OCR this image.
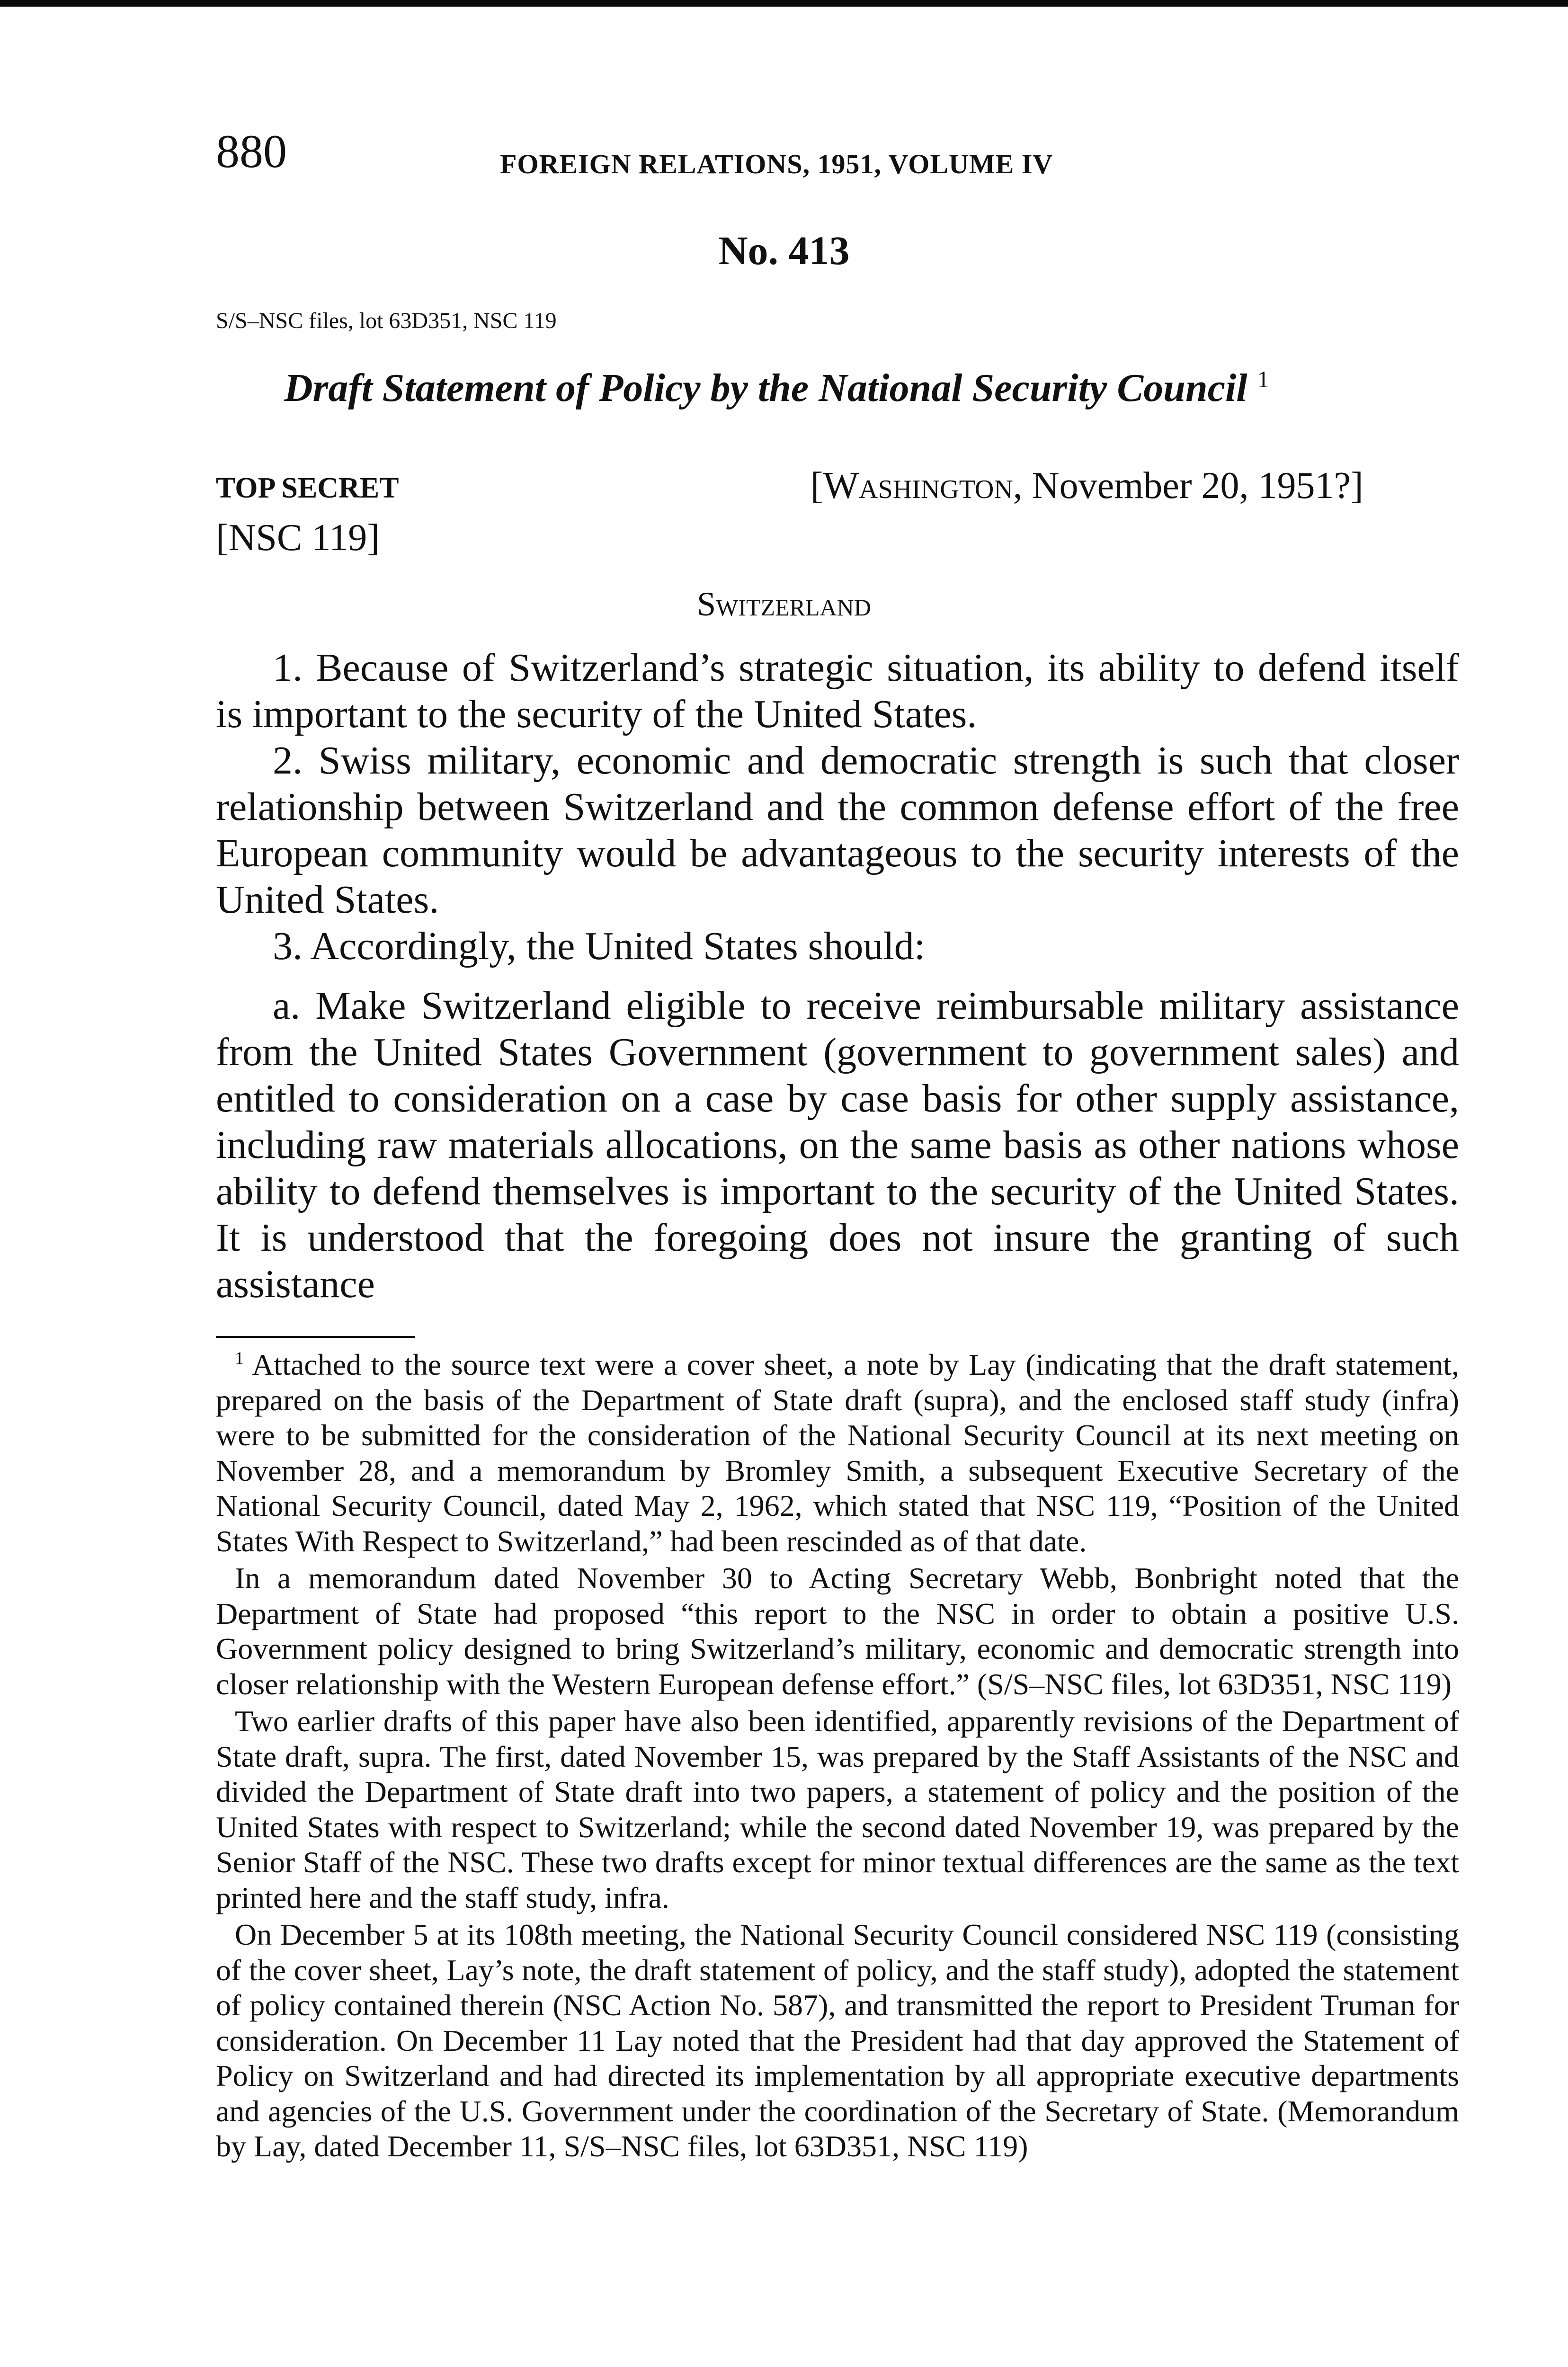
880	FOREIGN RELATIONS, 1951, VOLUME IV
No. 413
S/S–NSC files, lot 63D351, NSC 119
Draft Statement of Policy by the National Security Council $^1$
TOP SECRET
[NSC 119]
[Washington, November 20, 1951?]
Switzerland

1. Because of Switzerland’s strategic situation, its ability to defend itself is important to the security of the United States.

2. Swiss military, economic and democratic strength is such that closer relationship between Switzerland and the common defense effort of the free European community would be advantageous to the security interests of the United States.

3. Accordingly, the United States should:

a. Make Switzerland eligible to receive reimbursable military assistance from the United States Government (government to government sales) and entitled to consideration on a case by case basis for other supply assistance, including raw materials allocations, on the same basis as other nations whose ability to defend themselves is important to the security of the United States. It is understood that the foregoing does not insure the granting of such assistance

$^1$ Attached to the source text were a cover sheet, a note by Lay (indicating that the draft statement, prepared on the basis of the Department of State draft (supra), and the enclosed staff study (infra) were to be submitted for the consideration of the National Security Council at its next meeting on November 28, and a memorandum by Bromley Smith, a subsequent Executive Secretary of the National Security Council, dated May 2, 1962, which stated that NSC 119, “Position of the United States With Respect to Switzerland,” had been rescinded as of that date.

In a memorandum dated November 30 to Acting Secretary Webb, Bonbright noted that the Department of State had proposed “this report to the NSC in order to obtain a positive U.S. Government policy designed to bring Switzerland’s military, economic and democratic strength into closer relationship with the Western European defense effort.” (S/S–NSC files, lot 63D351, NSC 119)

Two earlier drafts of this paper have also been identified, apparently revisions of the Department of State draft, supra. The first, dated November 15, was prepared by the Staff Assistants of the NSC and divided the Department of State draft into two papers, a statement of policy and the position of the United States with respect to Switzerland; while the second dated November 19, was prepared by the Senior Staff of the NSC. These two drafts except for minor textual differences are the same as the text printed here and the staff study, infra.

On December 5 at its 108th meeting, the National Security Council considered NSC 119 (consisting of the cover sheet, Lay’s note, the draft statement of policy, and the staff study), adopted the statement of policy contained therein (NSC Action No. 587), and transmitted the report to President Truman for consideration. On December 11 Lay noted that the President had that day approved the Statement of Policy on Switzerland and had directed its implementation by all appropriate executive departments and agencies of the U.S. Government under the coordination of the Secretary of State. (Memorandum by Lay, dated December 11, S/S–NSC files, lot 63D351, NSC 119)
